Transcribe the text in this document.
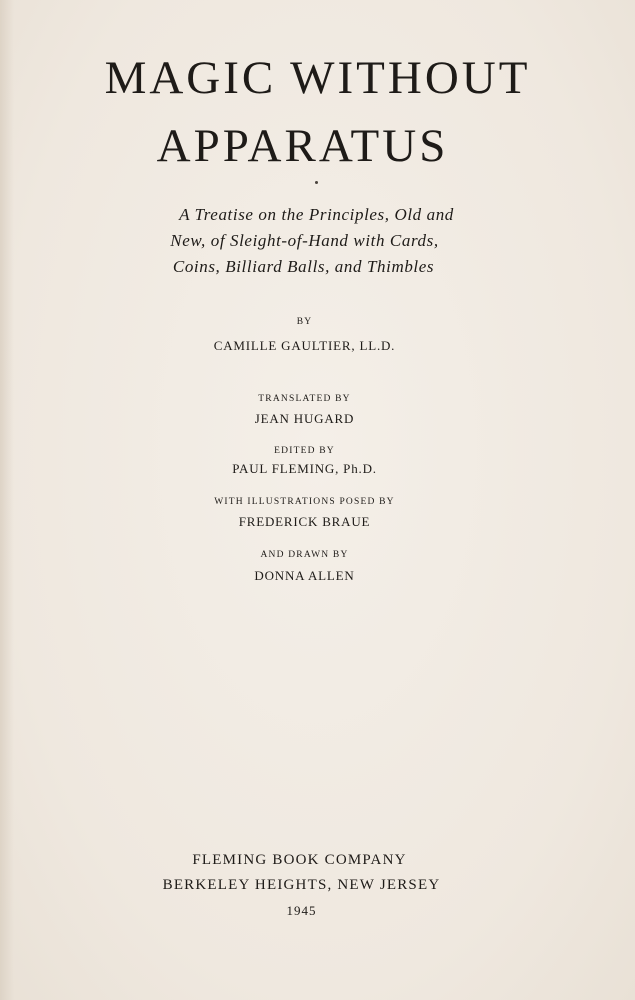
MAGIC WITHOUT
APPARATUS
A Treatise on the Principles, Old and
New, of Sleight-of-Hand with Cards,
Coins, Billiard Balls, and Thimbles
BY
CAMILLE GAULTIER, LL.D.
TRANSLATED BY
JEAN HUGARD
EDITED BY
PAUL FLEMING, Ph.D.
WITH ILLUSTRATIONS POSED BY
FREDERICK BRAUE
AND DRAWN BY
DONNA ALLEN
FLEMING BOOK COMPANY
BERKELEY HEIGHTS, NEW JERSEY
1945
